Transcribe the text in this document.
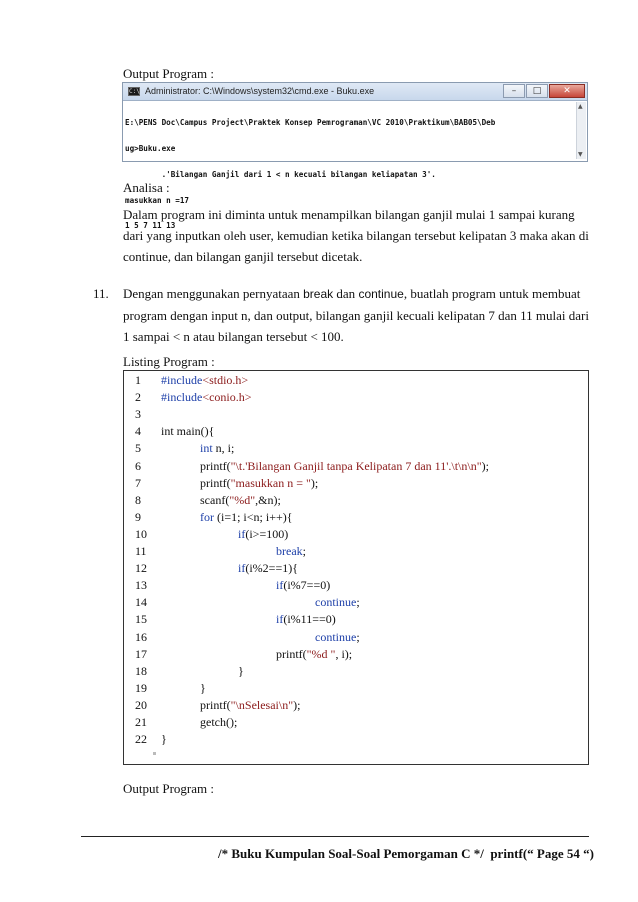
Output Program :
C:\ Administrator: C:\Windows\system32\cmd.exe - Buku.exe	–	□	✕

E:\PENS Doc\Campus Project\Praktek Konsep Pemrograman\VC 2010\Praktikum\BAB05\Deb

ug>Buku.exe

.'Bilangan Ganjil dari 1 < n kecuali bilangan keliapatan 3'.

masukkan n =17

1 5 7 11 13

▲
▼
Analisa :
Dalam program ini diminta untuk menampilkan bilangan ganjil mulai 1 sampai kurang
dari yang inputkan oleh user, kemudian ketika bilangan tersebut kelipatan 3 maka akan di
continue, dan bilangan ganjil tersebut dicetak.
11. Dengan menggunakan pernyataan break dan continue, buatlah program untuk membuat
program dengan input n, dan output, bilangan ganjil kecuali kelipatan 7 dan 11 mulai dari
1 sampai < n atau bilangan tersebut < 100.
Listing Program :
1 #include<stdio.h>
2 #include<conio.h>
3
4 int main(){
5	int n, i;
6	printf("\t.'Bilangan Ganjil tanpa Kelipatan 7 dan 11'.\t\n\n");
7	printf("masukkan n = ");
8	scanf("%d",&n);
9	for (i=1; i<n; i++){
10	if(i>=100)
11	break;
12	if(i%2==1){
13	if(i%7==0)
14	continue;
15	if(i%11==0)
16	continue;
17	printf("%d ", i);
18	}
19	}
20	printf("\nSelesai\n");
21	getch();
22 }
Output Program :
/* Buku Kumpulan Soal-Soal Pemorgaman C */  printf(“ Page 54 “)
